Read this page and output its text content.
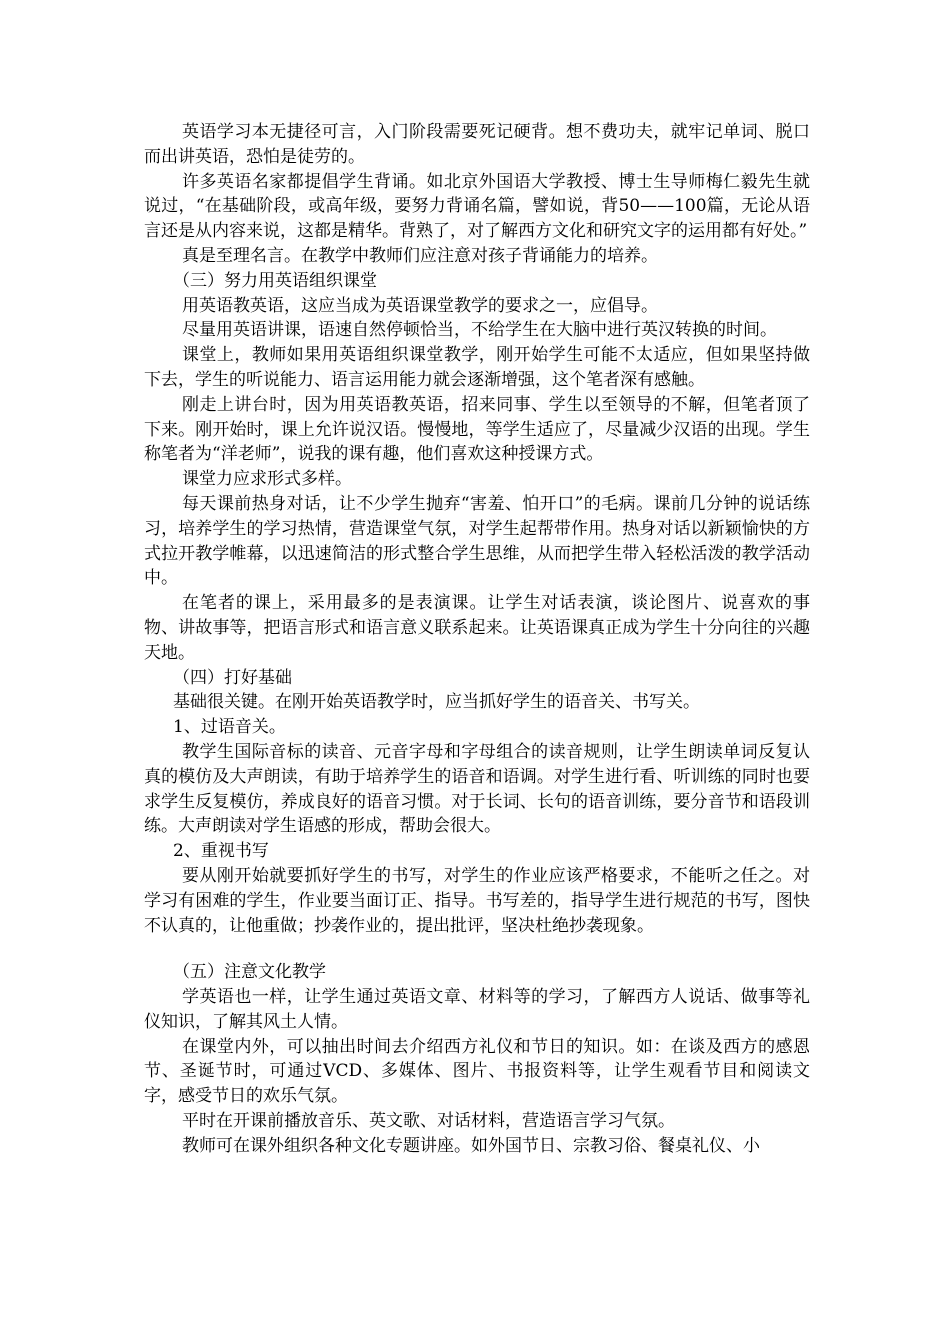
英语学习本无捷径可言，入门阶段需要死记硬背。想不费功夫，就牢记单词、脱口而出讲英语，恐怕是徒劳的。

许多英语名家都提倡学生背诵。如北京外国语大学教授、博士生导师梅仁毅先生就说过，“在基础阶段，或高年级，要努力背诵名篇，譬如说，背50——100篇，无论从语言还是从内容来说，这都是精华。背熟了，对了解西方文化和研究文字的运用都有好处。”

真是至理名言。在教学中教师们应注意对孩子背诵能力的培养。

（三）努力用英语组织课堂

用英语教英语，这应当成为英语课堂教学的要求之一，应倡导。

尽量用英语讲课，语速自然停顿恰当，不给学生在大脑中进行英汉转换的时间。

课堂上，教师如果用英语组织课堂教学，刚开始学生可能不太适应，但如果坚持做下去，学生的听说能力、语言运用能力就会逐渐增强，这个笔者深有感触。

刚走上讲台时，因为用英语教英语，招来同事、学生以至领导的不解，但笔者顶了下来。刚开始时，课上允许说汉语。慢慢地，等学生适应了，尽量减少汉语的出现。学生称笔者为“洋老师”，说我的课有趣，他们喜欢这种授课方式。

课堂力应求形式多样。

每天课前热身对话，让不少学生抛弃“害羞、怕开口”的毛病。课前几分钟的说话练习，培养学生的学习热情，营造课堂气氛，对学生起帮带作用。热身对话以新颖愉快的方式拉开教学帷幕，以迅速简洁的形式整合学生思维，从而把学生带入轻松活泼的教学活动中。

在笔者的课上，采用最多的是表演课。让学生对话表演，谈论图片、说喜欢的事物、讲故事等，把语言形式和语言意义联系起来。让英语课真正成为学生十分向往的兴趣天地。

（四）打好基础

基础很关键。在刚开始英语教学时，应当抓好学生的语音关、书写关。

1、过语音关。

教学生国际音标的读音、元音字母和字母组合的读音规则，让学生朗读单词反复认真的模仿及大声朗读，有助于培养学生的语音和语调。对学生进行看、听训练的同时也要求学生反复模仿，养成良好的语音习惯。对于长词、长句的语音训练，要分音节和语段训练。大声朗读对学生语感的形成，帮助会很大。

2、重视书写

要从刚开始就要抓好学生的书写，对学生的作业应该严格要求，不能听之任之。对学习有困难的学生，作业要当面订正、指导。书写差的，指导学生进行规范的书写，图快不认真的，让他重做；抄袭作业的，提出批评，坚决杜绝抄袭现象。

（五）注意文化教学

学英语也一样，让学生通过英语文章、材料等的学习，了解西方人说话、做事等礼仪知识，了解其风土人情。

在课堂内外，可以抽出时间去介绍西方礼仪和节日的知识。如：在谈及西方的感恩节、圣诞节时，可通过VCD、多媒体、图片、书报资料等，让学生观看节目和阅读文字，感受节日的欢乐气氛。

平时在开课前播放音乐、英文歌、对话材料，营造语言学习气氛。

教师可在课外组织各种文化专题讲座。如外国节日、宗教习俗、餐桌礼仪、小
